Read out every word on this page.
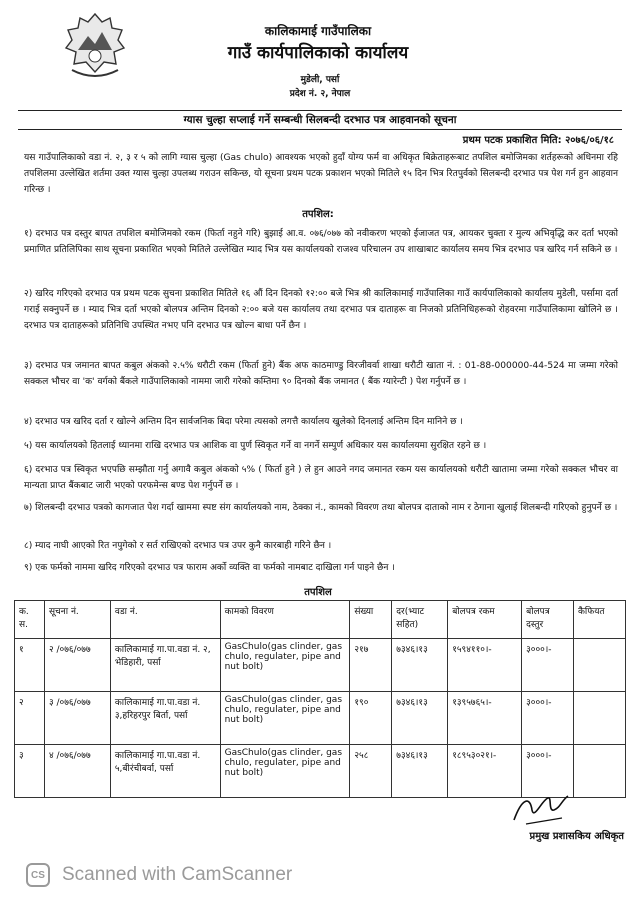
कालिकामाई गाउँपालिका
गाउँ कार्यपालिकाको कार्यालय
मुडेली, पर्सा
प्रदेश नं. २, नेपाल
ग्यास चुल्हा सप्लाई गर्ने सम्बन्धी सिलबन्दी दरभाउ पत्र आहवानको सूचना
प्रथम पटक प्रकाशित मिति: २०७६/०६/१८
यस गाउँपालिकाको वडा नं. २, ३ र ५ को लागि ग्यास चुल्हा (Gas chulo) आवश्यक भएको हुदाँ योग्य फर्म वा अधिकृत बिक्रेताहरूबाट तपशिल बमोजिमका शर्तहरूको अधिनमा रहि तपशिलमा उल्लेखित शर्तमा उक्त ग्यास चुल्हा उपलब्ध गराउन सकिन्छ, यो सूचना प्रथम पटक प्रकाशन भएको मितिले १५ दिन भित्र रितपुर्वको सिलबन्दी दरभाउ पत्र पेश गर्न हुन आहवान गरिन्छ ।
तपशिल:
१) दरभाउ पत्र दस्तुर बापत तपशिल बमोजिमको रकम (फिर्ता नहुने गरि) बुझाई आ.व. ०७६/०७७ को नवीकरण भएको ईजाजत पत्र, आयकर चुक्ता र मुल्य अभिवृद्धि कर दर्ता भएको प्रमाणित प्रतिलिपिका साथ सूचना प्रकाशित भएको मितिले उल्लेखित म्याद भित्र यस कार्यालयको राजश्व परिचालन उप शाखाबाट कार्यालय समय भित्र दरभाउ पत्र खरिद गर्न सकिने छ ।
२) खरिद गरिएको दरभाउ पत्र प्रथम पटक सुचना प्रकाशित मितिले १६ औं दिन दिनको १२:०० बजे भित्र श्री कालिकामाई गाउँपालिका गाउँ कार्यपालिकाको कार्यालय मुडेली, पर्सामा दर्ता गराई सक्नुपर्ने छ । म्याद भित्र दर्ता भएको बोलपत्र अन्तिम दिनको २:०० बजे यस कार्यालय तथा दरभाउ पत्र दाताहरू वा निजको प्रतिनिधिहरूको रोहवरमा गाउँपालिकामा खोलिने छ । दरभाउ पत्र दाताहरूको प्रतिनिधि उपस्थित नभए पनि दरभाउ पत्र खोल्न बाधा पर्ने छैन ।
३) दरभाउ पत्र जमानत बापत कबुल अंकको २.५% धरौटी रकम (फिर्ता हुने) बैंक अफ काठमाण्डु विरजीवर्वा शाखा धरौटी खाता नं. : 01-88-000000-44-524 मा जम्मा गरेको सक्कल भौचर वा 'क' वर्गको बैंकले गाउँपालिकाको नाममा जारी गरेको कम्तिमा ९० दिनको बैंक जमानत ( बैंक ग्यारेन्टी ) पेश गर्नुपर्ने छ ।
४) दरभाउ पत्र खरिद दर्ता र खोल्ने अन्तिम दिन सार्वजनिक बिदा परेमा त्यसको लगत्तै कार्यालय खुलेको दिनलाई अन्तिम दिन मानिने छ ।
५) यस कार्यालयको हितलाई ध्यानमा राखि दरभाउ पत्र आशिक वा पुर्ण स्विकृत गर्ने वा नगर्ने सम्पुर्ण अधिकार यस कार्यालयमा सुरक्षित रहने छ ।
६) दरभाउ पत्र स्विकृत भएपछि सम्झौता गर्नु अगावै कबुल अंकको ५% ( फिर्ता हुने ) ले हुन आउने नगद जमानत रकम यस कार्यालयको धरौटी खातामा जम्मा गरेको सक्कल भौचर वा मान्यता प्राप्त बैंकबाट जारी भएको परफमेन्स बण्ड पेश गर्नुपर्ने छ ।
७) शिलबन्दी दरभाउ पत्रको कागजात पेश गर्दा खाममा स्पष्ट संग कार्यालयको नाम, ठेक्का नं., कामको विवरण तथा बोलपत्र दाताको नाम र ठेगाना खुलाई शिलबन्दी गरिएको हुनुपर्ने छ ।
८) म्याद नाघी आएको रित नपुगेको र सर्त राखिएको दरभाउ पत्र उपर कुनै कारबाही गरिने छैन ।
९) एक फर्मको नाममा खरिद गरिएको दरभाउ पत्र फाराम अर्को व्यक्ति वा फर्मको नामबाट दाखिला गर्न पाइने छैन ।
तपशिल
क. स.	सूचना नं.	वडा नं.	कामको विवरण	संख्या	दर(भ्याट सहित)	बोलपत्र रकम	बोलपत्र दस्तुर	कैफियत
१	२ /०७६/०७७	कालिकामाई गा.पा.वडा नं. २, भेडिहारी, पर्सा	GasChulo(gas clinder, gas chulo, regulater, pipe and nut bolt)	२१७	७३४६।१३	१५९४११०।-	३०००।-	
२	३ /०७६/०७७	कालिकामाई गा.पा.वडा नं. ३,हरिहरपुर बिर्ता, पर्सा	GasChulo(gas clinder, gas chulo, regulater, pipe and nut bolt)	१९०	७३४६।१३	१३९५७६५।-	३०००।-	
३	४ /०७६/०७७	कालिकामाई गा.पा.वडा नं. ५,बीरंचीबर्वा, पर्सा	GasChulo(gas clinder, gas chulo, regulater, pipe and nut bolt)	२५८	७३४६।१३	१८९५३०२१।-	३०००।-	
प्रमुख प्रशासकिय अधिकृत
CS Scanned with CamScanner
